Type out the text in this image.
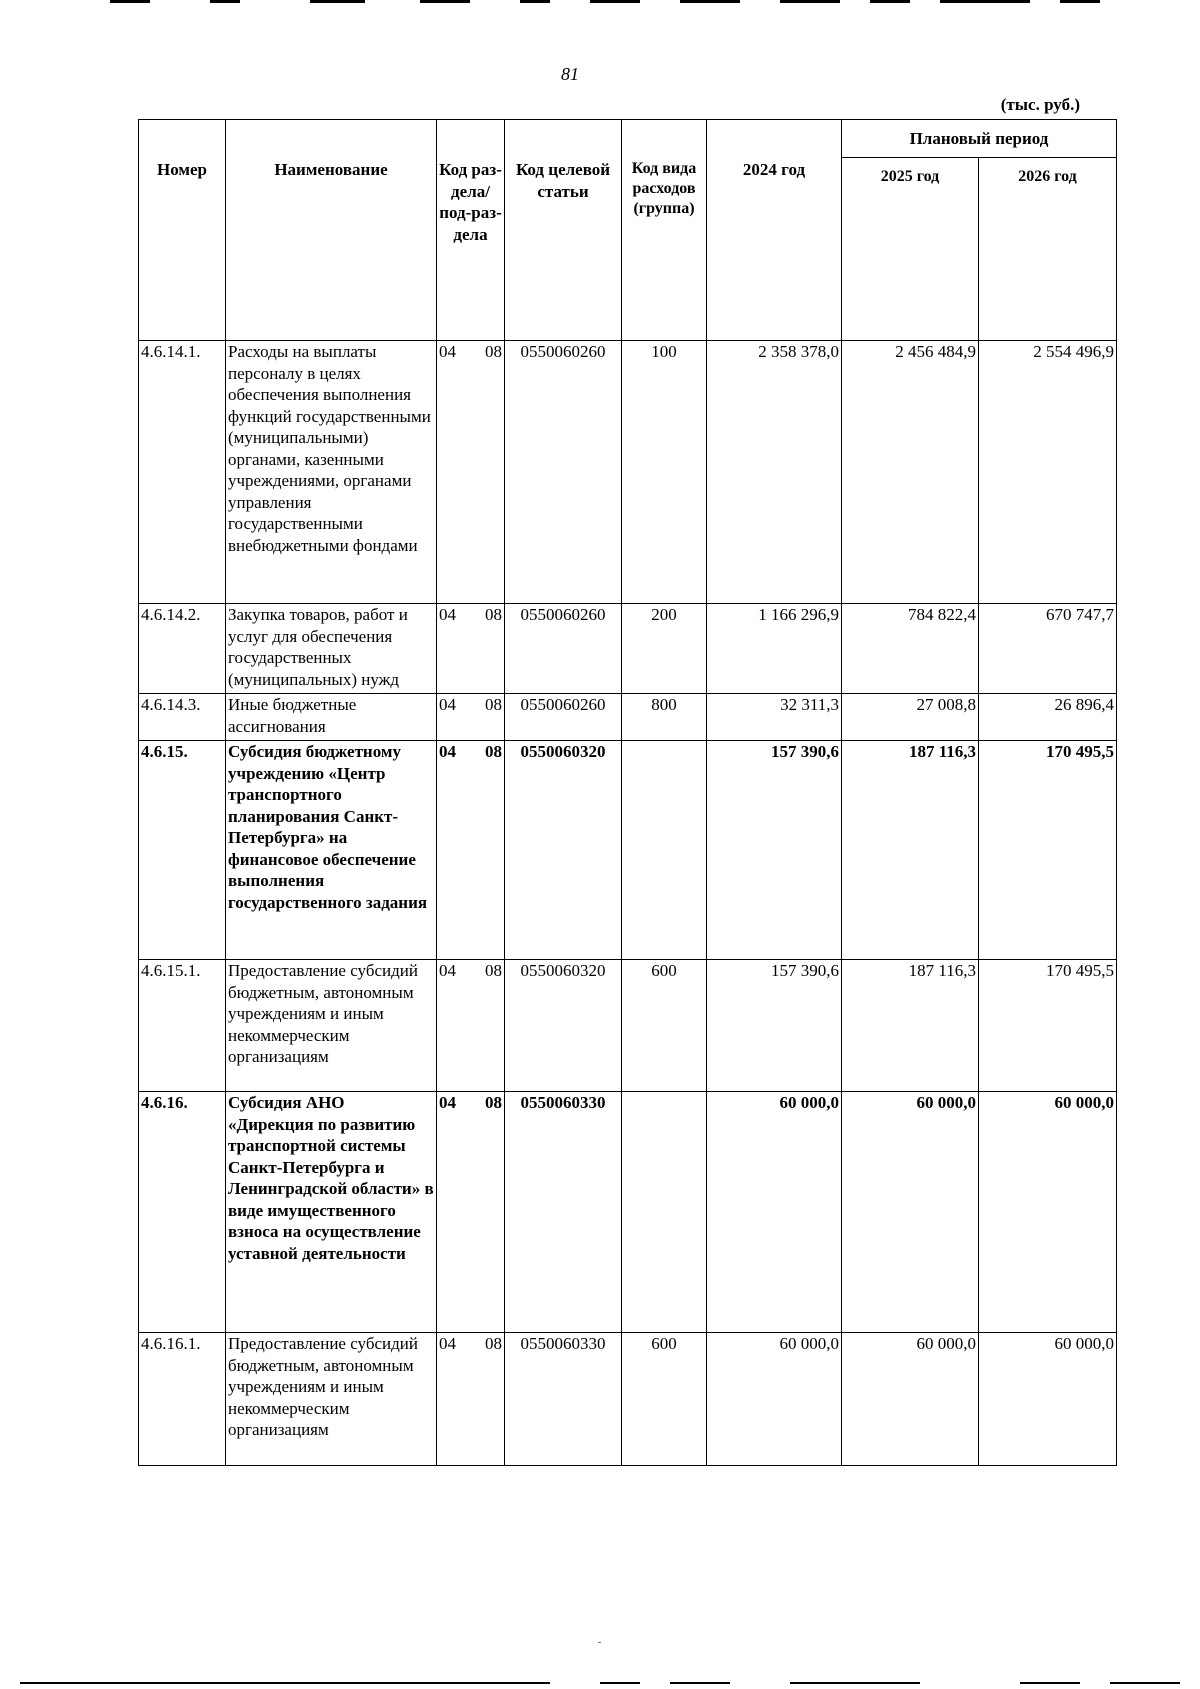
81
(тыс. руб.)
Номер	Наименование	Код раз-дела/ под-раз-дела	Код целевой статьи	Код вида расходов (группа)	2024 год	Плановый период	
						2025 год	2026 год
4.6.14.1.	Расходы на выплаты персоналу в целях обеспечения выполнения функций государственными (муниципальными) органами, казенными учреждениями, органами управления государственными внебюджетными фондами	04 08	0550060260	100	2 358 378,0	2 456 484,9	2 554 496,9
4.6.14.2.	Закупка товаров, работ и услуг для обеспечения государственных (муниципальных) нужд	04 08	0550060260	200	1 166 296,9	784 822,4	670 747,7
4.6.14.3.	Иные бюджетные ассигнования	04 08	0550060260	800	32 311,3	27 008,8	26 896,4
4.6.15.	Субсидия бюджетному учреждению «Центр транспортного планирования Санкт-Петербурга» на финансовое обеспечение выполнения государственного задания	04 08	0550060320		157 390,6	187 116,3	170 495,5
4.6.15.1.	Предоставление субсидий бюджетным, автономным учреждениям и иным некоммерческим организациям	04 08	0550060320	600	157 390,6	187 116,3	170 495,5
4.6.16.	Субсидия АНО «Дирекция по развитию транспортной системы Санкт-Петербурга и Ленинградской области» в виде имущественного взноса на осуществление уставной деятельности	04 08	0550060330		60 000,0	60 000,0	60 000,0
4.6.16.1.	Предоставление субсидий бюджетным, автономным учреждениям и иным некоммерческим организациям	04 08	0550060330	600	60 000,0	60 000,0	60 000,0
